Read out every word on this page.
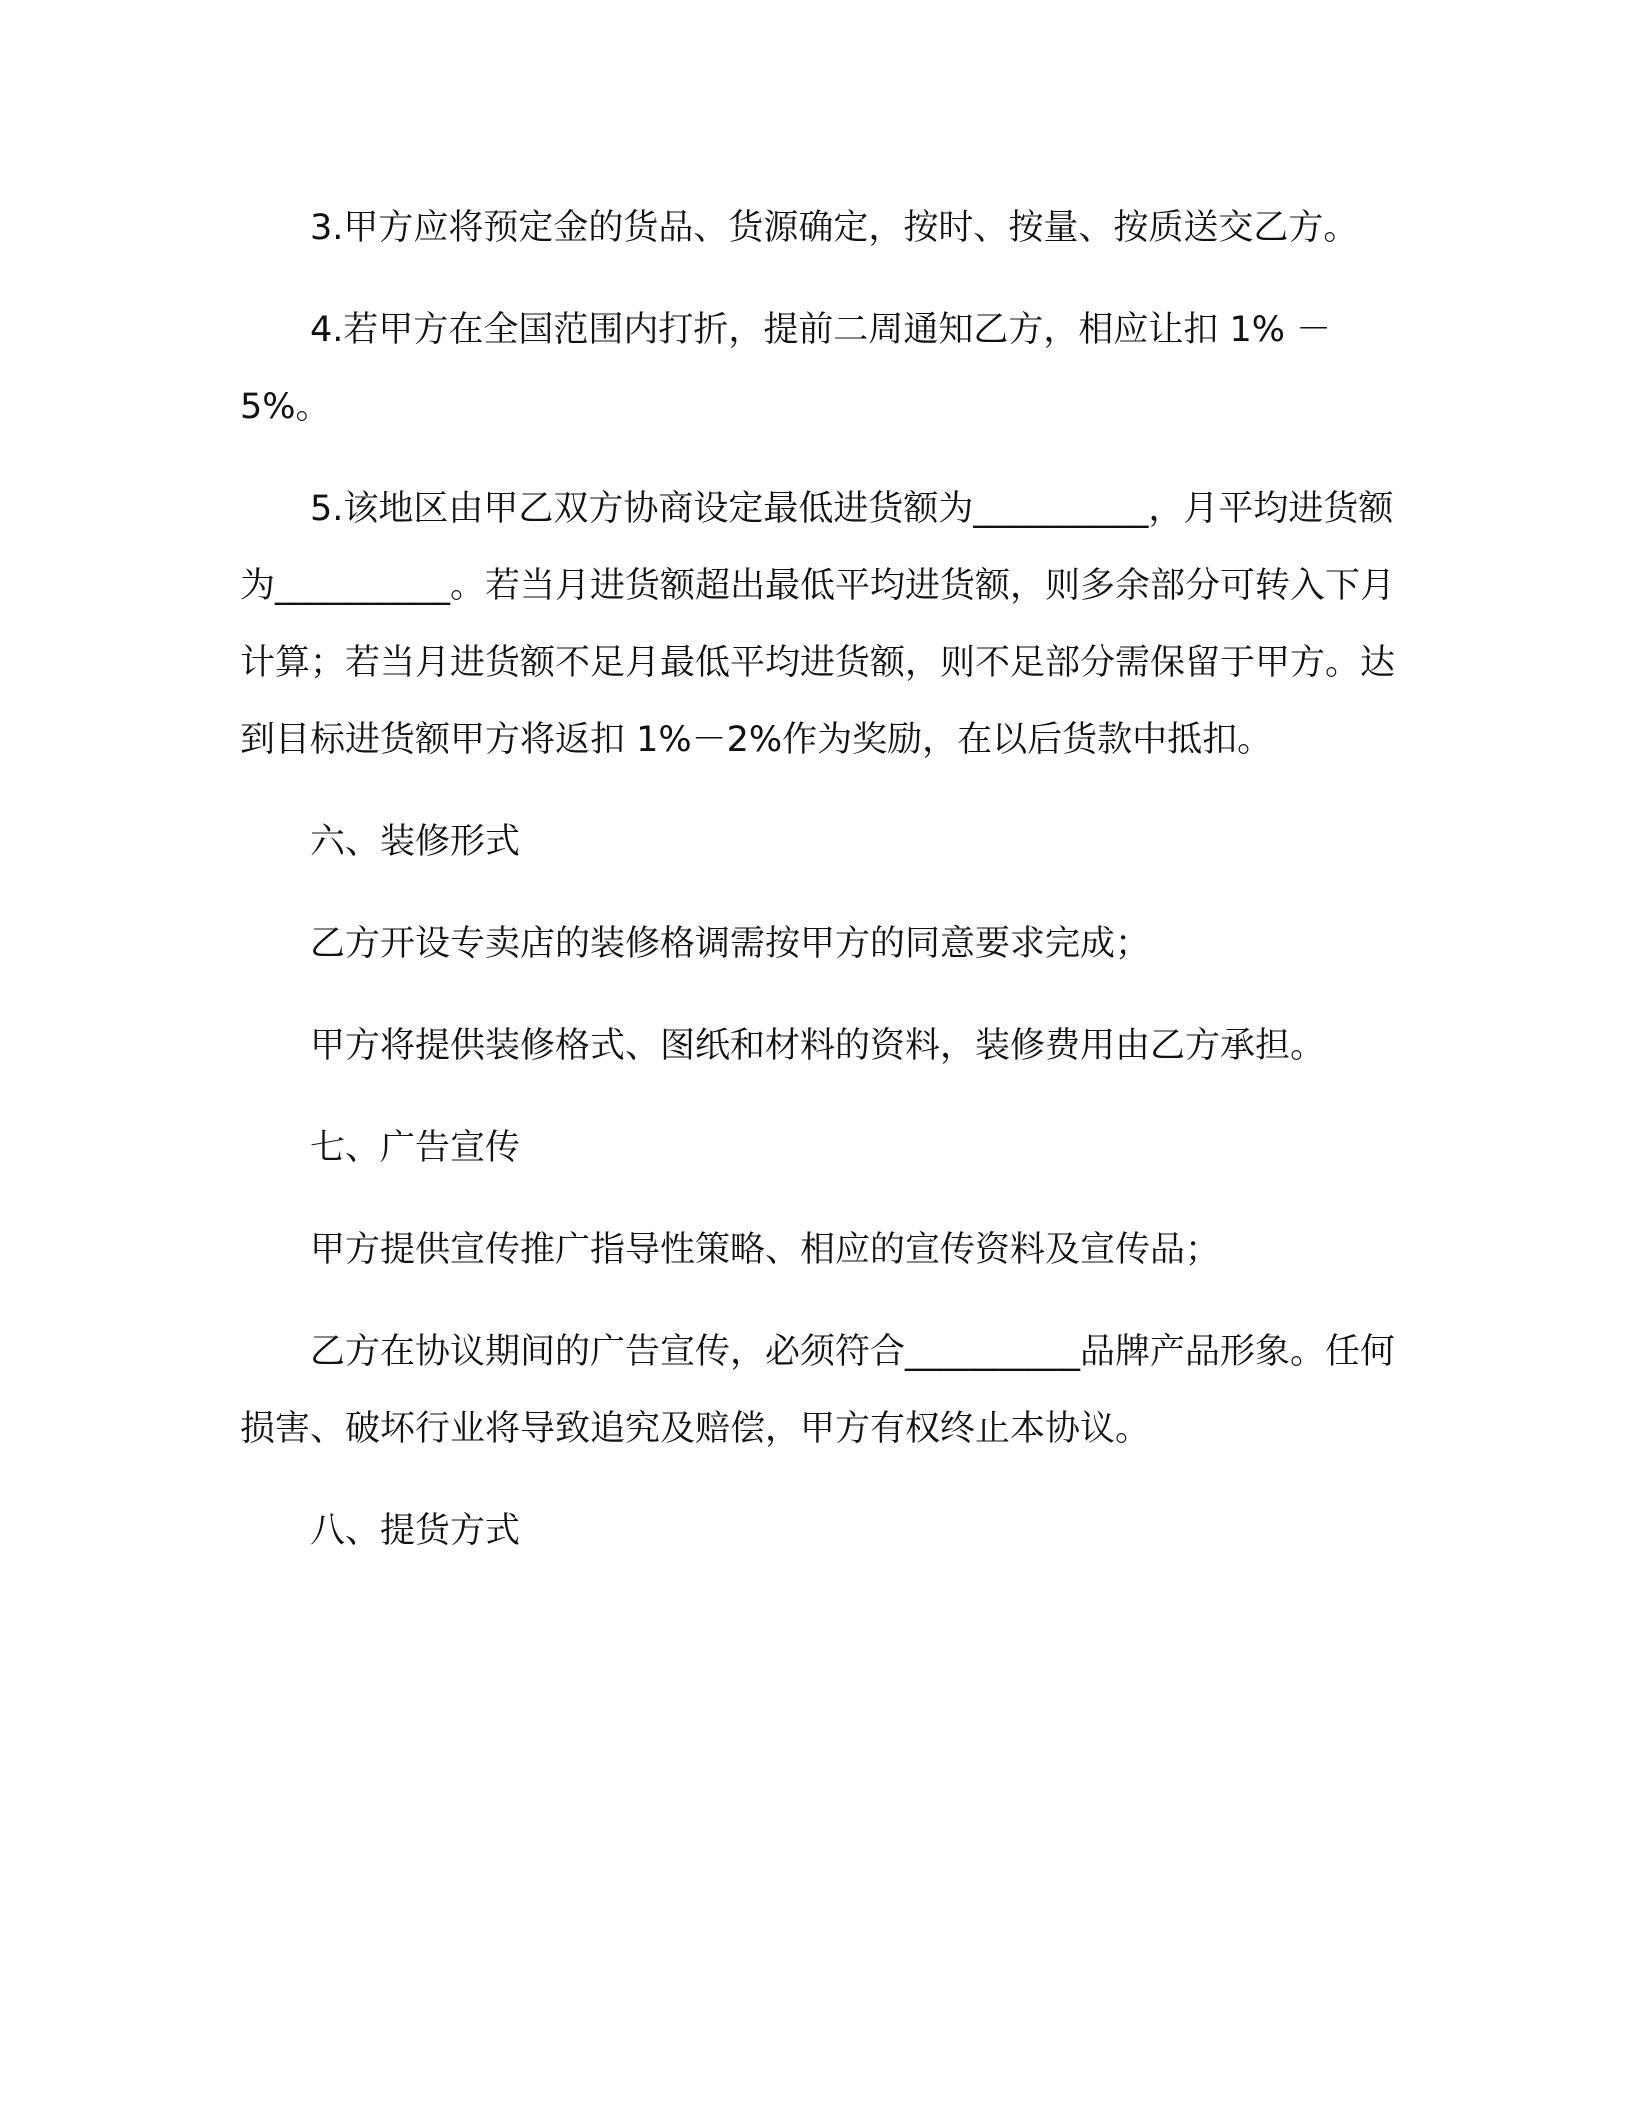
3.甲方应将预定金的货品、货源确定，按时、按量、按质送交乙方。

4.若甲方在全国范围内打折，提前二周通知乙方，相应让扣 1% －5%。

5.该地区由甲乙双方协商设定最低进货额为__________，月平均进货额为__________。若当月进货额超出最低平均进货额，则多余部分可转入下月计算；若当月进货额不足月最低平均进货额，则不足部分需保留于甲方。达到目标进货额甲方将返扣 1%－2%作为奖励，在以后货款中抵扣。

六、装修形式

乙方开设专卖店的装修格调需按甲方的同意要求完成；

甲方将提供装修格式、图纸和材料的资料，装修费用由乙方承担。

七、广告宣传

甲方提供宣传推广指导性策略、相应的宣传资料及宣传品；

乙方在协议期间的广告宣传，必须符合__________品牌产品形象。任何损害、破坏行业将导致追究及赔偿，甲方有权终止本协议。

八、提货方式
